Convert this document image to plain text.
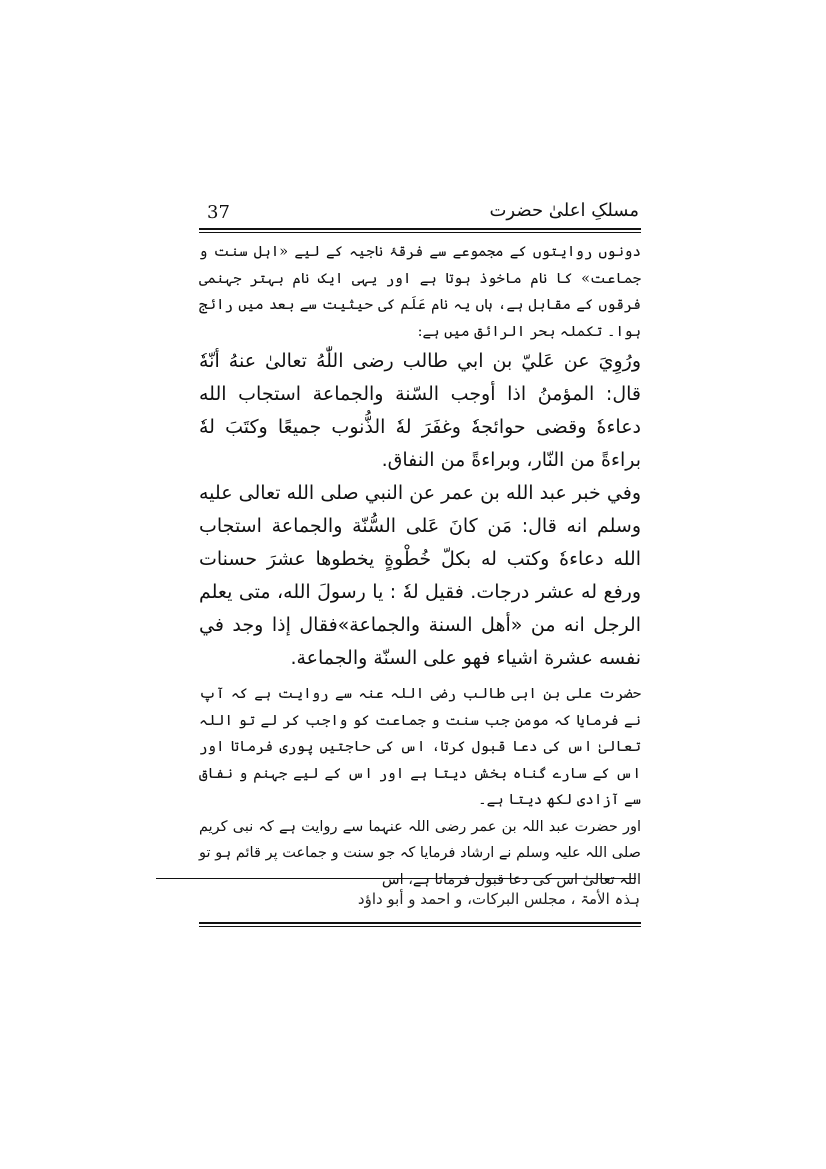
مسلکِ اعلیٰ حضرت
37

دونوں روایتوں کے مجموعے سے فرقۂ ناجیہ کے لیے «اہل سنت و جماعت» کا نام ماخوذ ہوتا ہے اور یہی ایک نام بہتر جہنمی فرقوں کے مقابل ہے، ہاں یہ نام عَلَم کی حیثیت سے بعد میں رائج ہوا۔ تکملہ بحر الرائق میں ہے:

ورُوِيَ عن عَليّ بن ابي طالب رضى اللّٰهُ تعالىٰ عنهُ أنّهٗ قال: المؤمنُ اذا أوجب السّنة والجماعة استجاب الله دعاءهٗ وقضى حوائجهٗ وغفَرَ لهٗ الذُّنوب جميعًا وكتَبَ لهٗ براءةً من النّار، وبراءةً من النفاق.

وفي خبر عبد الله بن عمر عن النبي صلى الله تعالى عليه وسلم انه قال: مَن كانَ عَلى السُّنّة والجماعة استجاب الله دعاءهٗ وكتب له بكلّ خُطْوةٍ يخطوها عشرَ حسنات ورفع له عشر درجات. فقيل لهٗ : يا رسولَ الله، متى يعلم الرجل انه من «أهل السنة والجماعة»فقال إذا وجد في نفسه عشرة اشياء فهو على السنّة والجماعة.

حضرت علی بن ابی طالب رضی اللہ عنہ سے روایت ہے کہ آپ نے فرمایا کہ مومن جب سنت و جماعت کو واجب کر لے تو اللہ تعالیٰ اس کی دعا قبول کرتا، اس کی حاجتیں پوری فرماتا اور اس کے سارے گناہ بخش دیتا ہے اور اس کے لیے جہنم و نفاق سے آزادی لکھ دیتا ہے۔

اور حضرت عبد اللہ بن عمر رضی اللہ عنہما سے روایت ہے کہ نبی کریم صلی اللہ علیہ وسلم نے ارشاد فرمایا کہ جو سنت و جماعت پر قائم ہو تو اللہ تعالیٰ اس کی دعا قبول فرماتا ہے، اس

ہذہ الأمۃ ، مجلس البرکات، و احمد و أبو داؤد
